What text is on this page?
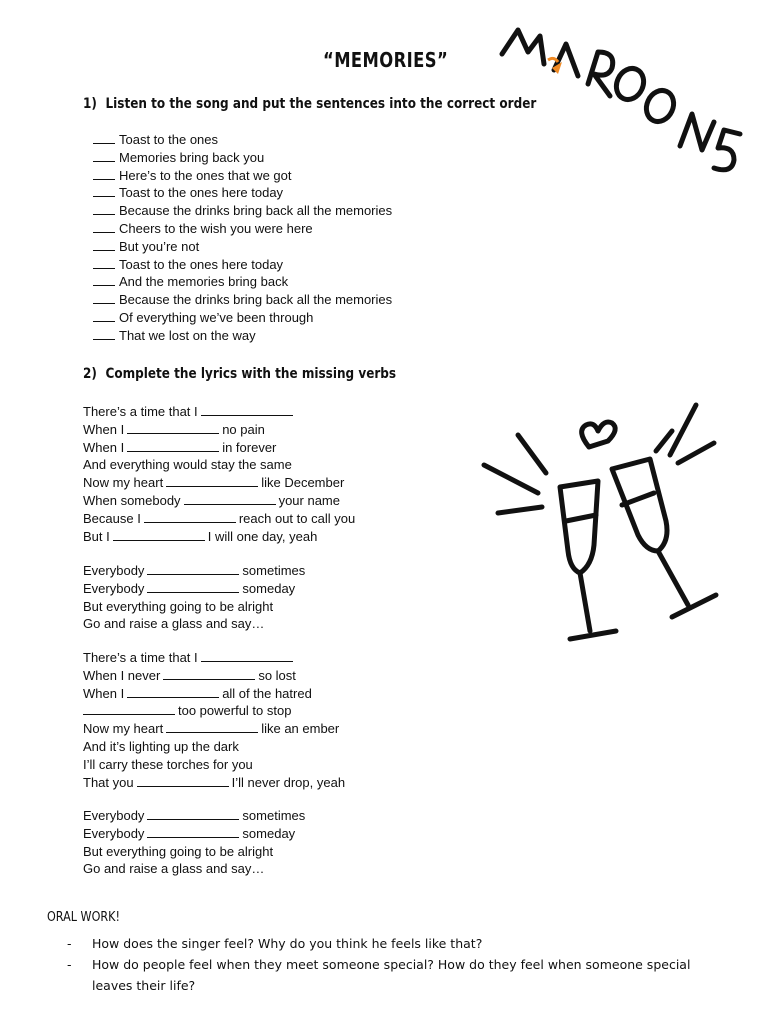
“MEMORIES”
MAROON5
1) Listen to the song and put the sentences into the correct order
Toast to the ones
Memories bring back you
Here’s to the ones that we got
Toast to the ones here today
Because the drinks bring back all the memories
Cheers to the wish you were here
But you’re not
Toast to the ones here today
And the memories bring back
Because the drinks bring back all the memories
Of everything we’ve been through
That we lost on the way
2) Complete the lyrics with the missing verbs
There’s a time that I
When I	no pain
When I	in forever
And everything would stay the same
Now my heart	like December
When somebody	your name
Because I	reach out to call you
But I	I will one day, yeah
Everybody	sometimes
Everybody	someday
But everything going to be alright
Go and raise a glass and say…
There’s a time that I
When I never	so lost
When I	all of the hatred
too powerful to stop
Now my heart	like an ember
And it’s lighting up the dark
I’ll carry these torches for you
That you	I’ll never drop, yeah
Everybody	sometimes
Everybody	someday
But everything going to be alright
Go and raise a glass and say…
ORAL WORK!
-	How does the singer feel? Why do you think he feels like that?
-	How do people feel when they meet someone special? How do they feel when someone special leaves their life?
